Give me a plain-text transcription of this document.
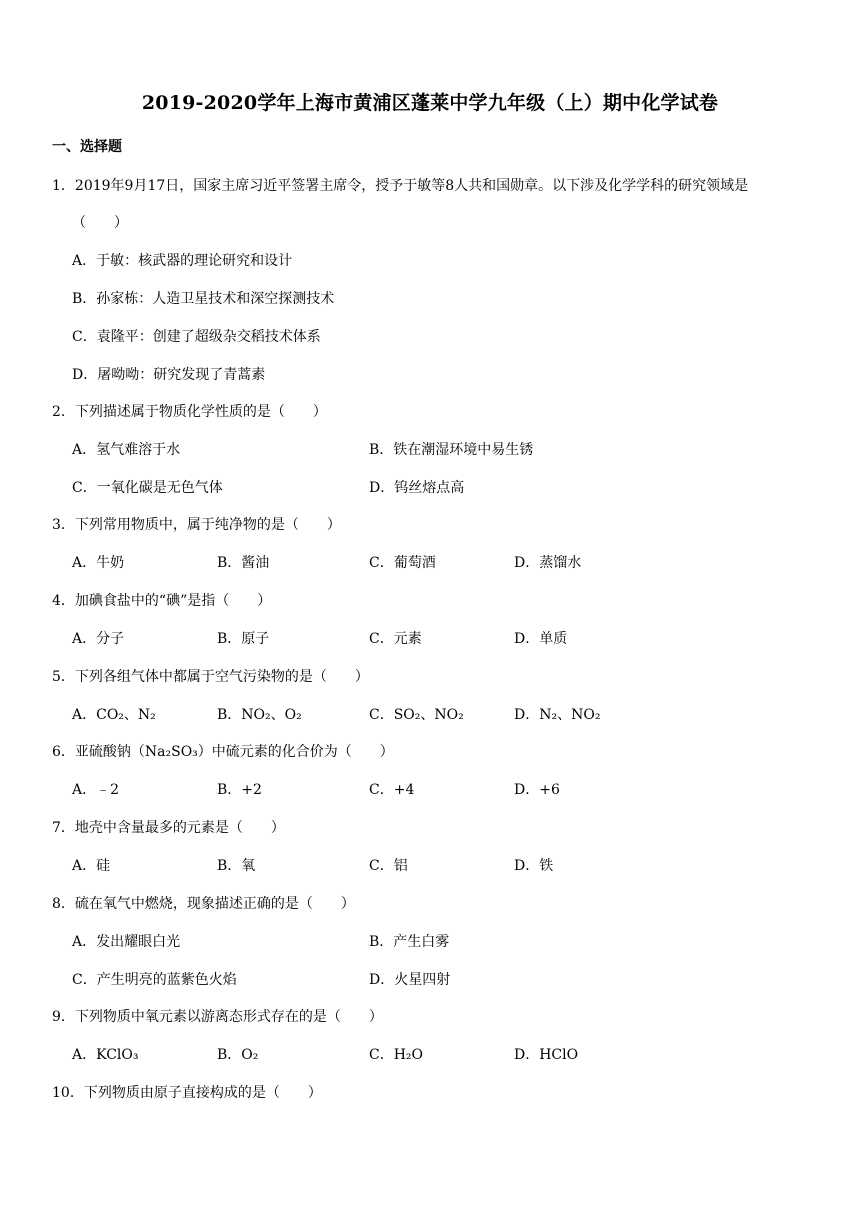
2019-2020学年上海市黄浦区蓬莱中学九年级（上）期中化学试卷
一、选择题
1．2019年9月17日，国家主席习近平签署主席令，授予于敏等8人共和国勋章。以下涉及化学学科的研究领域是
（　　）
A．于敏：核武器的理论研究和设计
B．孙家栋：人造卫星技术和深空探测技术
C．袁隆平：创建了超级杂交稻技术体系
D．屠呦呦：研究发现了青蒿素
2．下列描述属于物质化学性质的是（　　）
A．氢气难溶于水	B．铁在潮湿环境中易生锈
C．一氧化碳是无色气体	D．钨丝熔点高
3．下列常用物质中，属于纯净物的是（　　）
A．牛奶	B．酱油	C．葡萄酒	D．蒸馏水
4．加碘食盐中的“碘”是指（　　）
A．分子	B．原子	C．元素	D．单质
5．下列各组气体中都属于空气污染物的是（　　）
A．CO₂、N₂	B．NO₂、O₂	C．SO₂、NO₂	D．N₂、NO₂
6．亚硫酸钠（Na₂SO₃）中硫元素的化合价为（　　）
A．﹣2	B．+2	C．+4	D．+6
7．地壳中含量最多的元素是（　　）
A．硅	B．氧	C．铝	D．铁
8．硫在氧气中燃烧，现象描述正确的是（　　）
A．发出耀眼白光	B．产生白雾
C．产生明亮的蓝紫色火焰	D．火星四射
9．下列物质中氧元素以游离态形式存在的是（　　）
A．KClO₃	B．O₂	C．H₂O	D．HClO
10．下列物质由原子直接构成的是（　　）
